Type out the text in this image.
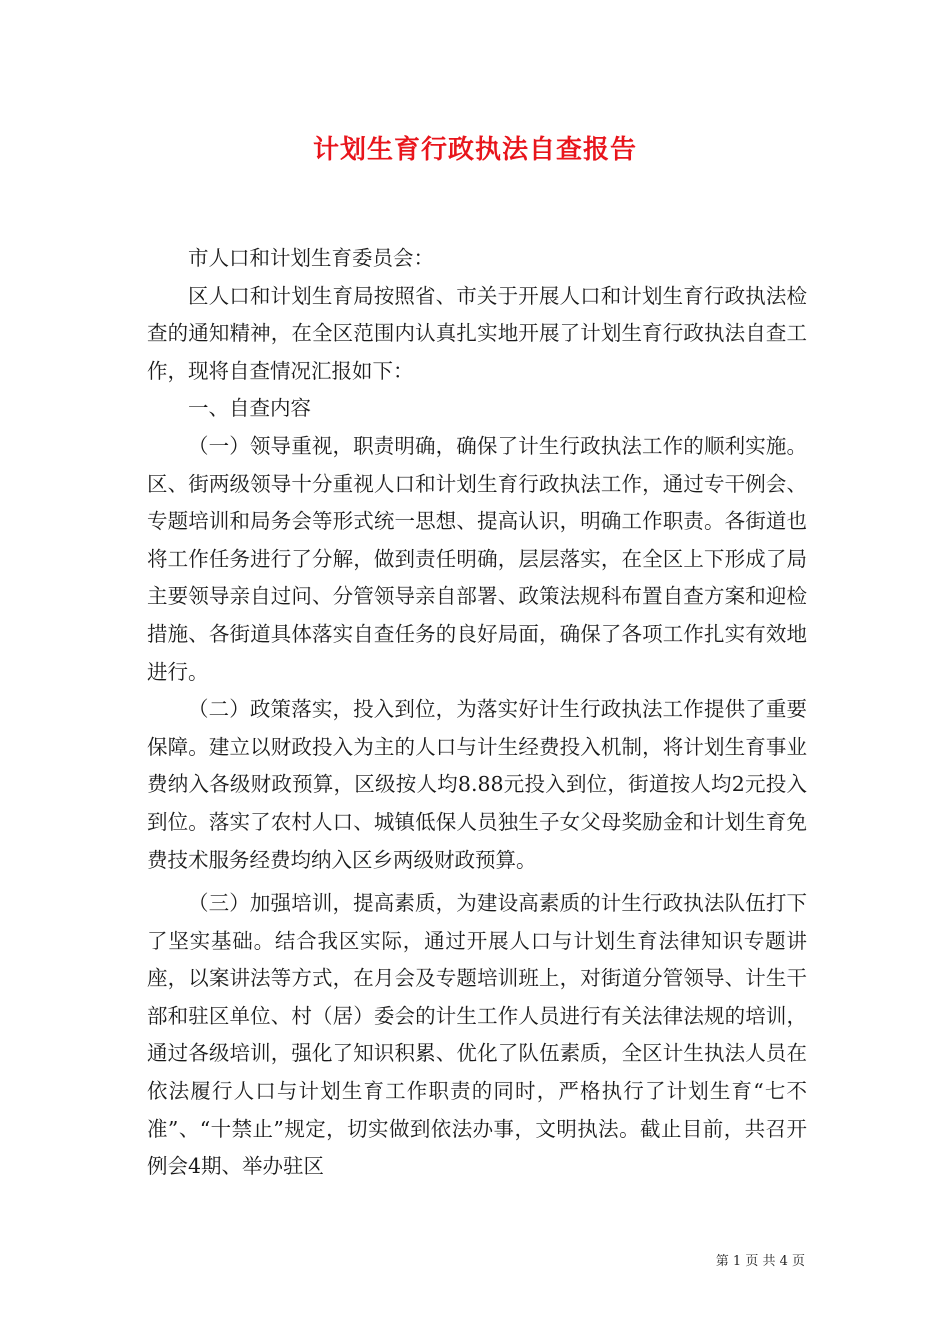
计划生育行政执法自查报告

市人口和计划生育委员会：

区人口和计划生育局按照省、市关于开展人口和计划生育行政执法检查的通知精神，在全区范围内认真扎实地开展了计划生育行政执法自查工作，现将自查情况汇报如下：

一、自查内容

（一）领导重视，职责明确，确保了计生行政执法工作的顺利实施。区、街两级领导十分重视人口和计划生育行政执法工作，通过专干例会、专题培训和局务会等形式统一思想、提高认识，明确工作职责。各街道也将工作任务进行了分解，做到责任明确，层层落实，在全区上下形成了局主要领导亲自过问、分管领导亲自部署、政策法规科布置自查方案和迎检措施、各街道具体落实自查任务的良好局面，确保了各项工作扎实有效地进行。

（二）政策落实，投入到位，为落实好计生行政执法工作提供了重要保障。建立以财政投入为主的人口与计生经费投入机制，将计划生育事业费纳入各级财政预算，区级按人均8.88元投入到位，街道按人均2元投入到位。落实了农村人口、城镇低保人员独生子女父母奖励金和计划生育免费技术服务经费均纳入区乡两级财政预算。

（三）加强培训，提高素质，为建设高素质的计生行政执法队伍打下了坚实基础。结合我区实际，通过开展人口与计划生育法律知识专题讲座，以案讲法等方式，在月会及专题培训班上，对街道分管领导、计生干部和驻区单位、村（居）委会的计生工作人员进行有关法律法规的培训，通过各级培训，强化了知识积累、优化了队伍素质，全区计生执法人员在依法履行人口与计划生育工作职责的同时，严格执行了计划生育“七不准”、“十禁止”规定，切实做到依法办事，文明执法。截止目前，共召开例会4期、举办驻区

第 1 页 共 4 页
